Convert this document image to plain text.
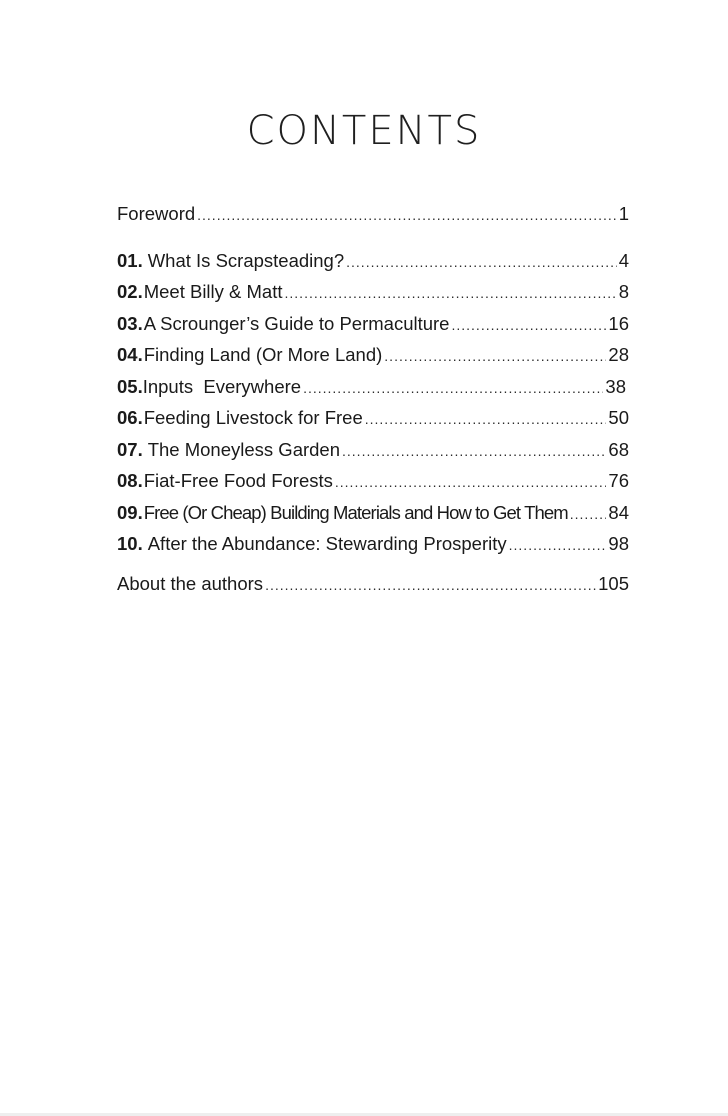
CONTENTS
Foreword .....	1
01. What Is Scrapsteading? .....	4
02. Meet Billy & Matt .....	8
03. A Scrounger’s Guide to Permaculture .....	16
04. Finding Land (Or More Land) .....	28
05. Inputs  Everywhere .....	38
06. Feeding Livestock for Free .....	50
07. The Moneyless Garden .....	68
08. Fiat-Free Food Forests .....	76
09. Free (Or Cheap) Building Materials and How to Get Them ..... 84
10. After the Abundance: Stewarding Prosperity .....	98
About the authors .....	105
